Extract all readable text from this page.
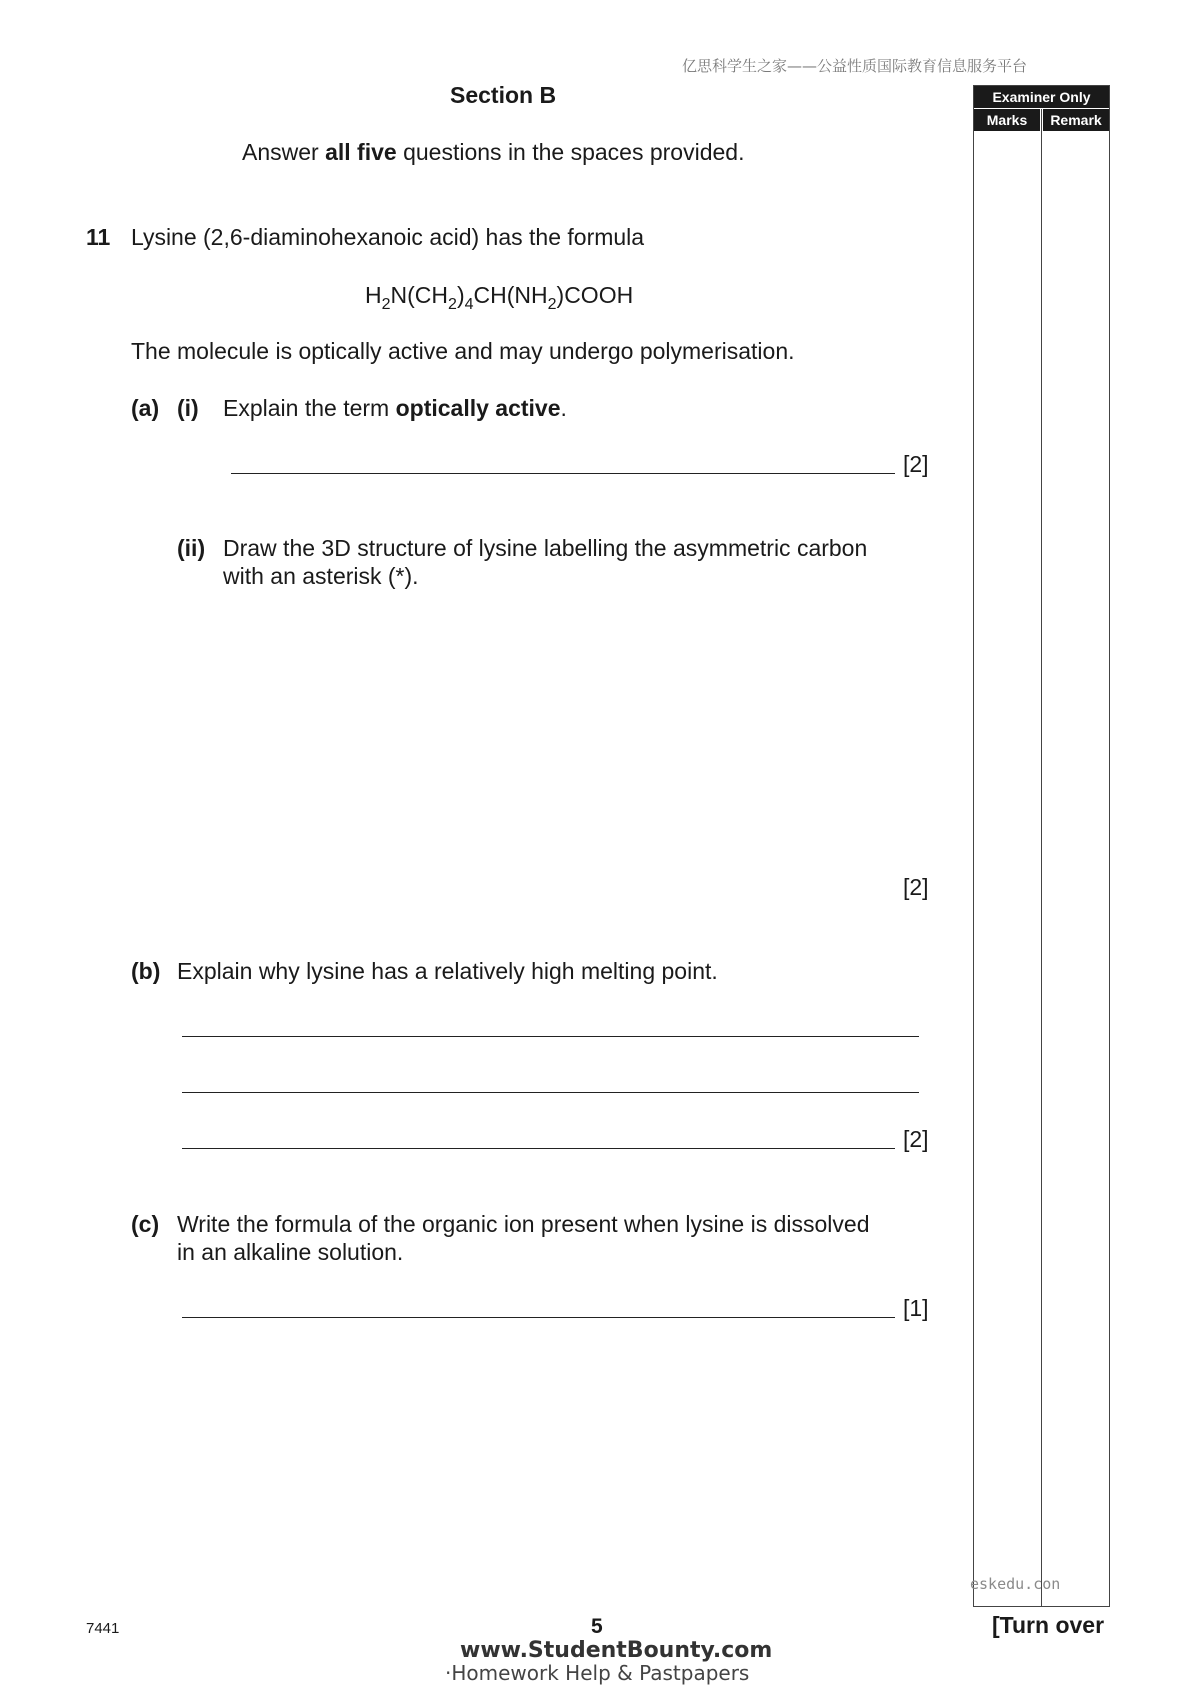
亿思科学生之家——公益性质国际教育信息服务平台
Section B
Answer all five questions in the spaces provided.
Examiner Only
Marks	Remark
11 Lysine (2,6-diaminohexanoic acid) has the formula
$H_2N(CH_2)_4CH(NH_2)COOH$
The molecule is optically active and may undergo polymerisation.
(a) (i) Explain the term optically active.
[2]
(ii) Draw the 3D structure of lysine labelling the asymmetric carbon
with an asterisk (*).
[2]
(b) Explain why lysine has a relatively high melting point.
[2]
(c) Write the formula of the organic ion present when lysine is dissolved
in an alkaline solution.
[1]
eskedu.con
7441	5	[Turn over
www.StudentBounty.com
·Homework Help & Pastpapers
